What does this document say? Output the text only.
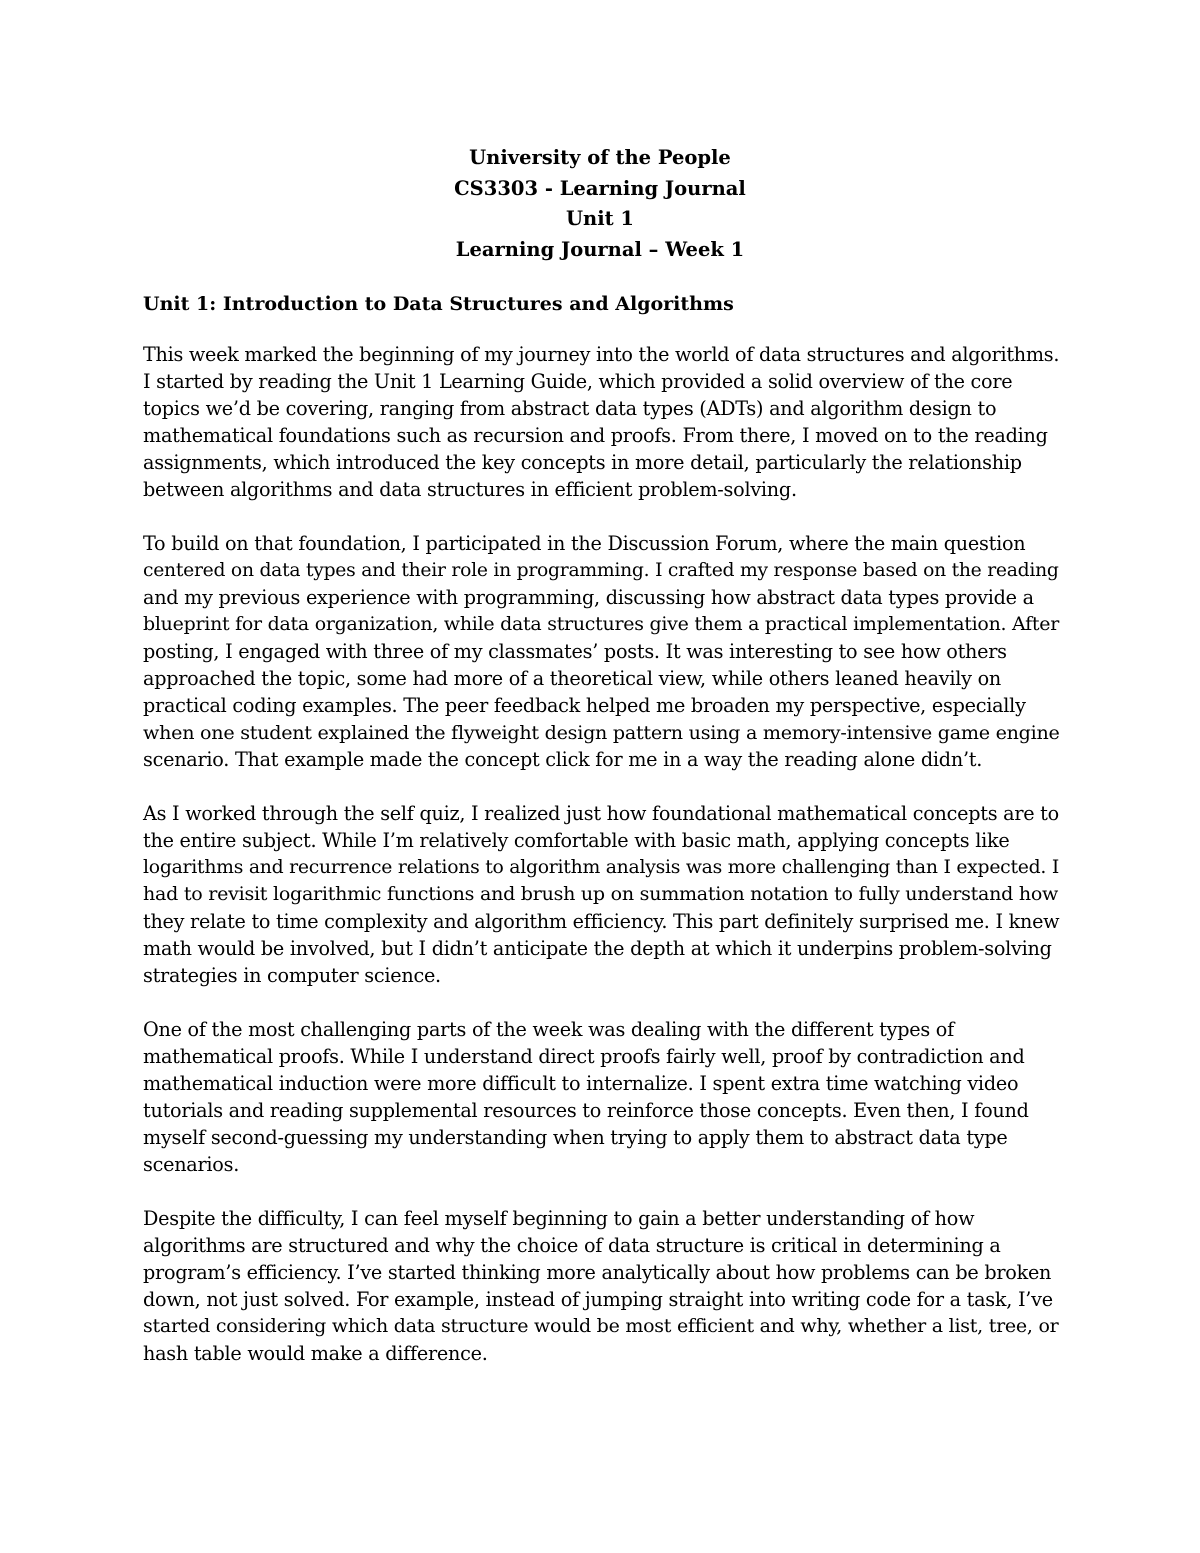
University of the People
CS3303 - Learning Journal
Unit 1
Learning Journal – Week 1
Unit 1: Introduction to Data Structures and Algorithms
This week marked the beginning of my journey into the world of data structures and algorithms.
I started by reading the Unit 1 Learning Guide, which provided a solid overview of the core
topics we’d be covering, ranging from abstract data types (ADTs) and algorithm design to
mathematical foundations such as recursion and proofs. From there, I moved on to the reading
assignments, which introduced the key concepts in more detail, particularly the relationship
between algorithms and data structures in efficient problem-solving.
To build on that foundation, I participated in the Discussion Forum, where the main question
centered on data types and their role in programming. I crafted my response based on the reading
and my previous experience with programming, discussing how abstract data types provide a
blueprint for data organization, while data structures give them a practical implementation. After
posting, I engaged with three of my classmates’ posts. It was interesting to see how others
approached the topic, some had more of a theoretical view, while others leaned heavily on
practical coding examples. The peer feedback helped me broaden my perspective, especially
when one student explained the flyweight design pattern using a memory-intensive game engine
scenario. That example made the concept click for me in a way the reading alone didn’t.
As I worked through the self quiz, I realized just how foundational mathematical concepts are to
the entire subject. While I’m relatively comfortable with basic math, applying concepts like
logarithms and recurrence relations to algorithm analysis was more challenging than I expected. I
had to revisit logarithmic functions and brush up on summation notation to fully understand how
they relate to time complexity and algorithm efficiency. This part definitely surprised me. I knew
math would be involved, but I didn’t anticipate the depth at which it underpins problem-solving
strategies in computer science.
One of the most challenging parts of the week was dealing with the different types of
mathematical proofs. While I understand direct proofs fairly well, proof by contradiction and
mathematical induction were more difficult to internalize. I spent extra time watching video
tutorials and reading supplemental resources to reinforce those concepts. Even then, I found
myself second-guessing my understanding when trying to apply them to abstract data type
scenarios.
Despite the difficulty, I can feel myself beginning to gain a better understanding of how
algorithms are structured and why the choice of data structure is critical in determining a
program’s efficiency. I’ve started thinking more analytically about how problems can be broken
down, not just solved. For example, instead of jumping straight into writing code for a task, I’ve
started considering which data structure would be most efficient and why, whether a list, tree, or
hash table would make a difference.
